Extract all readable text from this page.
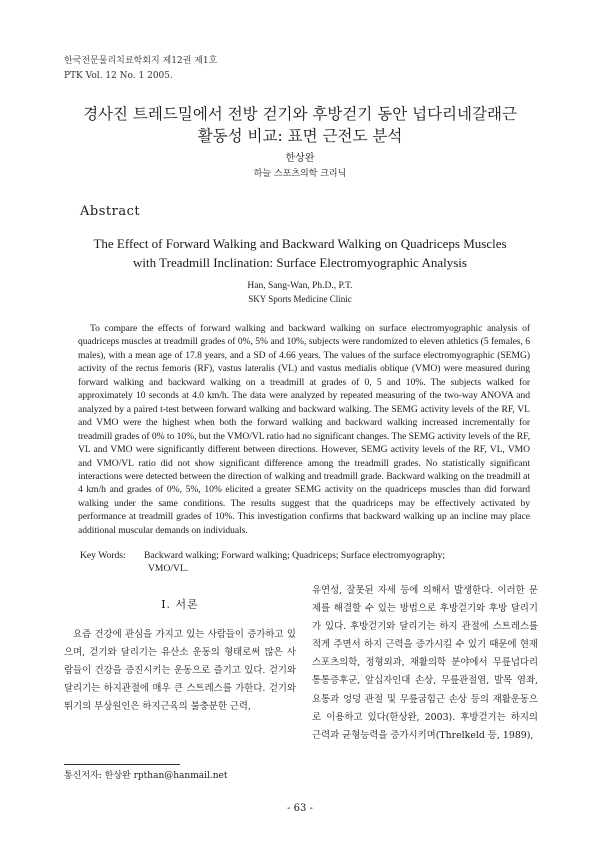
한국전문물리치료학회지 제12권 제1호
PTK Vol. 12 No. 1 2005.
경사진 트레드밀에서 전방 걷기와 후방걷기 동안 넙다리네갈래근
활동성 비교: 표면 근전도 분석
한상완
하늘 스포츠의학 크리닉
Abstract
The Effect of Forward Walking and Backward Walking on Quadriceps Muscles
with Treadmill Inclination: Surface Electromyographic Analysis
Han, Sang-Wan, Ph.D., P.T.
SKY Sports Medicine Clinic
To compare the effects of forward walking and backward walking on surface electromyographic analysis of quadriceps muscles at treadmill grades of 0%, 5% and 10%, subjects were randomized to eleven athletics (5 females, 6 males), with a mean age of 17.8 years, and a SD of 4.66 years. The values of the surface electromyographic (SEMG) activity of the rectus femoris (RF), vastus lateralis (VL) and vastus medialis oblique (VMO) were measured during forward walking and backward walking on a treadmill at grades of 0, 5 and 10%. The subjects walked for approximately 10 seconds at 4.0 km/h. The data were analyzed by repeated measuring of the two-way ANOVA and analyzed by a paired t-test between forward walking and backward walking. The SEMG activity levels of the RF, VL and VMO were the highest when both the forward walking and backward walking increased incrementally for treadmill grades of 0% to 10%, but the VMO/VL ratio had no significant changes. The SEMG activity levels of the RF, VL and VMO were significantly different between directions. However, SEMG activity levels of the RF, VL, VMO and VMO/VL ratio did not show significant difference among the treadmill grades. No statistically significant interactions were detected between the direction of walking and treadmill grade. Backward walking on the treadmill at 4 km/h and grades of 0%, 5%, 10% elicited a greater SEMG activity on the quadriceps muscles than did forward walking under the same conditions. The results suggest that the quadriceps may be effectively activated by performance at treadmill grades of 10%. This investigation confirms that backward walking up an incline may place additional muscular demands on individuals.
Key Words: Backward walking; Forward walking; Quadriceps; Surface electromyography;
VMO/VL.
Ⅰ. 서론
요즘 건강에 관심을 가지고 있는 사람들이 증가하고 있으며, 걷기와 달리기는 유산소 운동의 형태로써 많은 사람들이 건강을 증진시키는 운동으로 즐기고 있다. 걷기와 달리기는 하지관절에 매우 큰 스트레스를 가한다. 걷기와 뛰기의 부상원인은 하지근육의 불충분한 근력,
유연성, 잘못된 자세 등에 의해서 발생한다. 이러한 문제를 해결할 수 있는 방법으로 후방걷기와 후방 달리기가 있다. 후방걷기와 달리기는 하지 관절에 스트레스를 적게 주면서 하지 근력을 증가시킬 수 있기 때문에 현재 스포츠의학, 정형외과, 재활의학 분야에서 무릎넙다리 통통증후군, 앞십자인대 손상, 무릎관절염, 발목 염좌, 요통과 엉덩 관절 및 무릎굽힘근 손상 등의 재활운동으로 이용하고 있다(한상완, 2003). 후방걷기는 하지의 근력과 균형능력을 증가시키며(Threlkeld 등, 1989),
통신저자: 한상완 rpthan@hanmail.net
- 63 -
